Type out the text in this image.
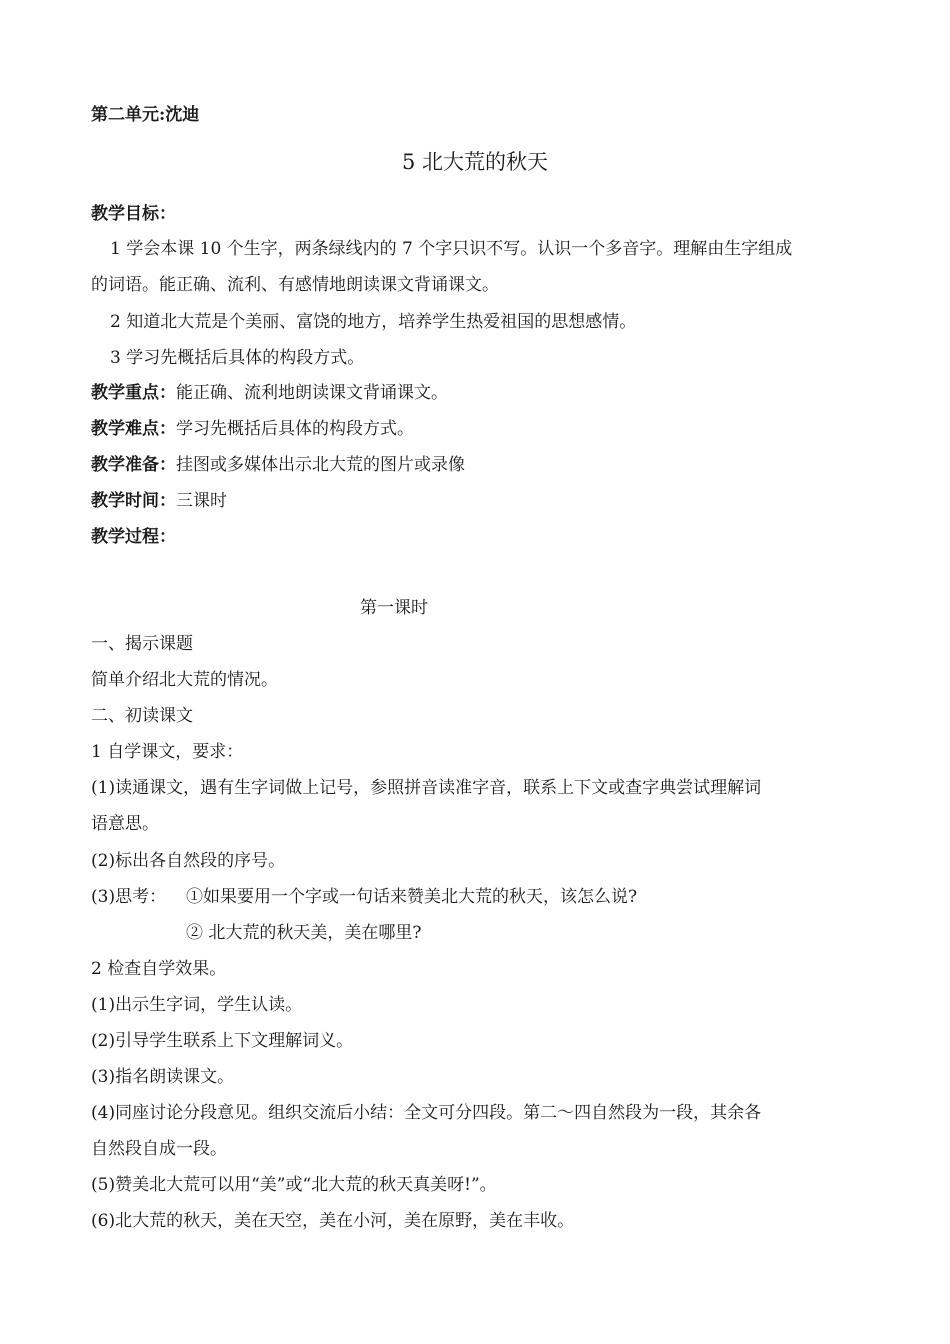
第二单元:沈迪
5 北大荒的秋天
教学目标：
1 学会本课 10 个生字，两条绿线内的 7 个字只识不写。认识一个多音字。理解由生字组成
的词语。能正确、流利、有感情地朗读课文背诵课文。
2 知道北大荒是个美丽、富饶的地方，培养学生热爱祖国的思想感情。
3 学习先概括后具体的构段方式。
教学重点：能正确、流利地朗读课文背诵课文。
教学难点：学习先概括后具体的构段方式。
教学准备：挂图或多媒体出示北大荒的图片或录像
教学时间：三课时
教学过程：
第一课时
一、揭示课题
简单介绍北大荒的情况。
二、初读课文
1 自学课文，要求：
(1)读通课文，遇有生字词做上记号，参照拼音读准字音，联系上下文或查字典尝试理解词
语意思。
(2)标出各自然段的序号。
(3)思考： ①如果要用一个字或一句话来赞美北大荒的秋天，该怎么说?
② 北大荒的秋天美，美在哪里?
2 检查自学效果。
(1)出示生字词，学生认读。
(2)引导学生联系上下文理解词义。
(3)指名朗读课文。
(4)同座讨论分段意见。组织交流后小结：全文可分四段。第二～四自然段为一段，其余各
自然段自成一段。
(5)赞美北大荒可以用“美”或“北大荒的秋天真美呀!”。
(6)北大荒的秋天，美在天空，美在小河，美在原野，美在丰收。
